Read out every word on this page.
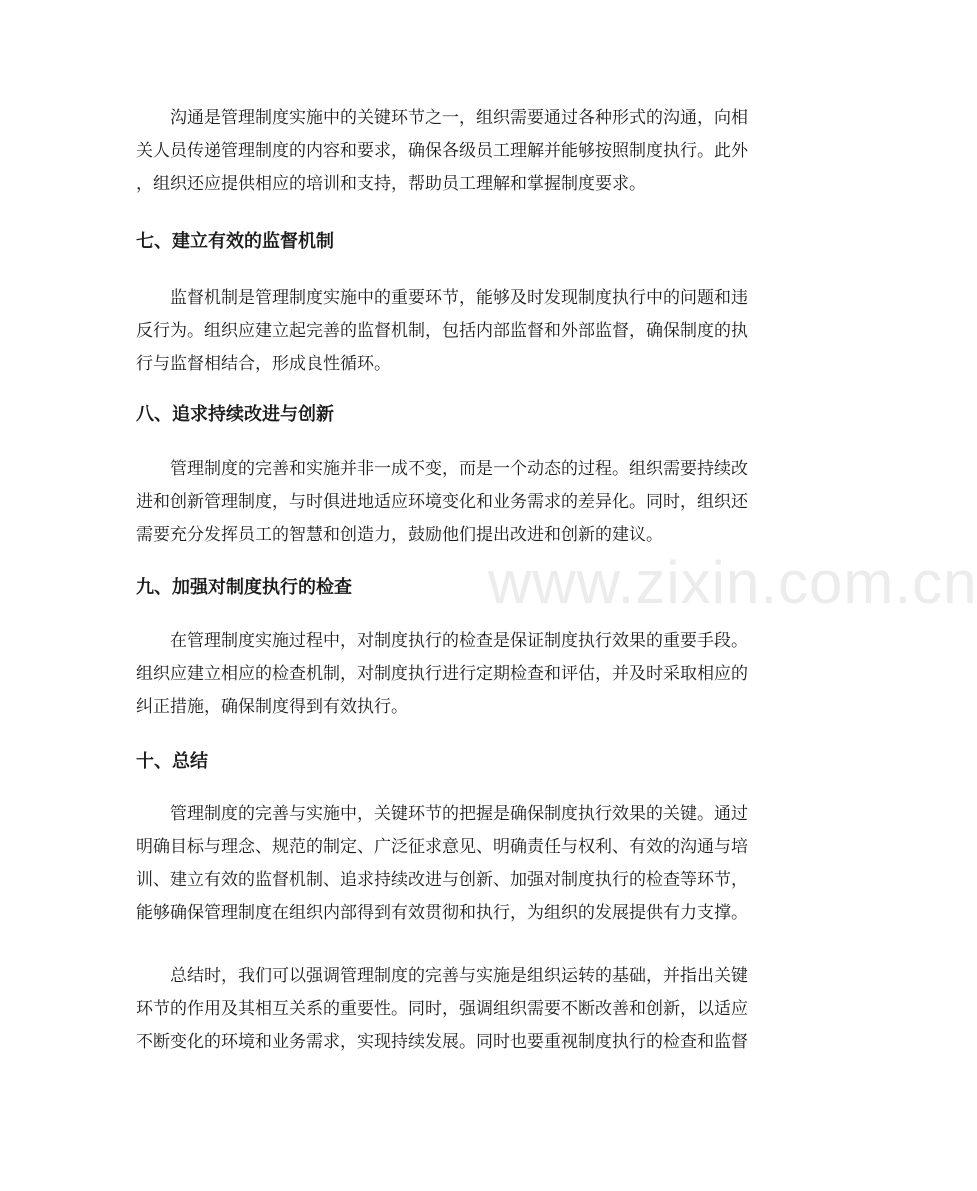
www.zixin.com.cn

沟通是管理制度实施中的关键环节之一，组织需要通过各种形式的沟通，向相
关人员传递管理制度的内容和要求，确保各级员工理解并能够按照制度执行。此外
，组织还应提供相应的培训和支持，帮助员工理解和掌握制度要求。

七、建立有效的监督机制

监督机制是管理制度实施中的重要环节，能够及时发现制度执行中的问题和违
反行为。组织应建立起完善的监督机制，包括内部监督和外部监督，确保制度的执
行与监督相结合，形成良性循环。

八、追求持续改进与创新

管理制度的完善和实施并非一成不变，而是一个动态的过程。组织需要持续改
进和创新管理制度，与时俱进地适应环境变化和业务需求的差异化。同时，组织还
需要充分发挥员工的智慧和创造力，鼓励他们提出改进和创新的建议。

九、加强对制度执行的检查

在管理制度实施过程中，对制度执行的检查是保证制度执行效果的重要手段。
组织应建立相应的检查机制，对制度执行进行定期检查和评估，并及时采取相应的
纠正措施，确保制度得到有效执行。

十、总结

管理制度的完善与实施中，关键环节的把握是确保制度执行效果的关键。通过
明确目标与理念、规范的制定、广泛征求意见、明确责任与权利、有效的沟通与培
训、建立有效的监督机制、追求持续改进与创新、加强对制度执行的检查等环节，
能够确保管理制度在组织内部得到有效贯彻和执行，为组织的发展提供有力支撑。

总结时，我们可以强调管理制度的完善与实施是组织运转的基础，并指出关键
环节的作用及其相互关系的重要性。同时，强调组织需要不断改善和创新，以适应
不断变化的环境和业务需求，实现持续发展。同时也要重视制度执行的检查和监督
